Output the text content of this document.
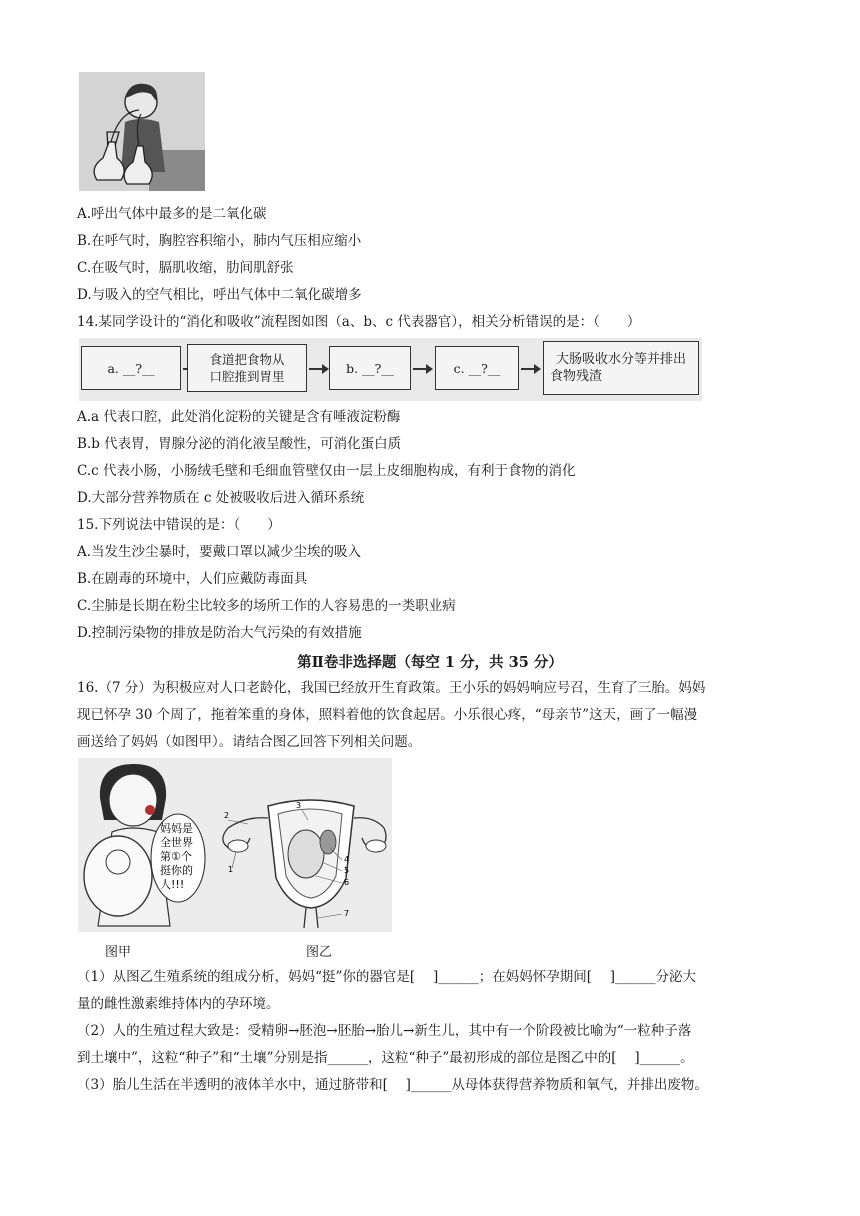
A.呼出气体中最多的是二氧化碳
B.在呼气时，胸腔容积缩小，肺内气压相应缩小
C.在吸气时，膈肌收缩，肋间肌舒张
D.与吸入的空气相比，呼出气体中二氧化碳增多
14.某同学设计的“消化和吸收”流程图如图（a、b、c 代表器官），相关分析错误的是：（　　）
a. __?__
食道把食物从
口腔推到胃里
b. __?__	c. __?__
大肠吸收水分等并排出
食物残渣
A.a 代表口腔，此处消化淀粉的关键是含有唾液淀粉酶
B.b 代表胃，胃腺分泌的消化液呈酸性，可消化蛋白质
C.c 代表小肠，小肠绒毛壁和毛细血管壁仅由一层上皮细胞构成，有利于食物的消化
D.大部分营养物质在 c 处被吸收后进入循环系统
15.下列说法中错误的是：（　　）
A.当发生沙尘暴时，要戴口罩以减少尘埃的吸入
B.在剧毒的环境中，人们应戴防毒面具
C.尘肺是长期在粉尘比较多的场所工作的人容易患的一类职业病
D.控制污染物的排放是防治大气污染的有效措施
第Ⅱ卷非选择题（每空 1 分，共 35 分）
16.（7 分）为积极应对人口老龄化，我国已经放开生育政策。王小乐的妈妈响应号召，生育了三胎。妈妈
现已怀孕 30 个周了，拖着笨重的身体，照料着他的饮食起居。小乐很心疼，“母亲节”这天，画了一幅漫
画送给了妈妈（如图甲）。请结合图乙回答下列相关问题。
妈妈是
全世界
第①个
挺你的
人!!!
1
2
3
4
5
6
7
图甲	图乙
（1）从图乙生殖系统的组成分析，妈妈“挺”你的器官是[　 ]______；在妈妈怀孕期间[　 ]______分泌大
量的雌性激素维持体内的孕环境。
（2）人的生殖过程大致是：受精卵→胚泡→胚胎→胎儿→新生儿，其中有一个阶段被比喻为“一粒种子落
到土壤中”，这粒“种子”和“土壤”分别是指______，这粒“种子”最初形成的部位是图乙中的[　 ]______。
（3）胎儿生活在半透明的液体羊水中，通过脐带和[　 ]______从母体获得营养物质和氧气，并排出废物。
